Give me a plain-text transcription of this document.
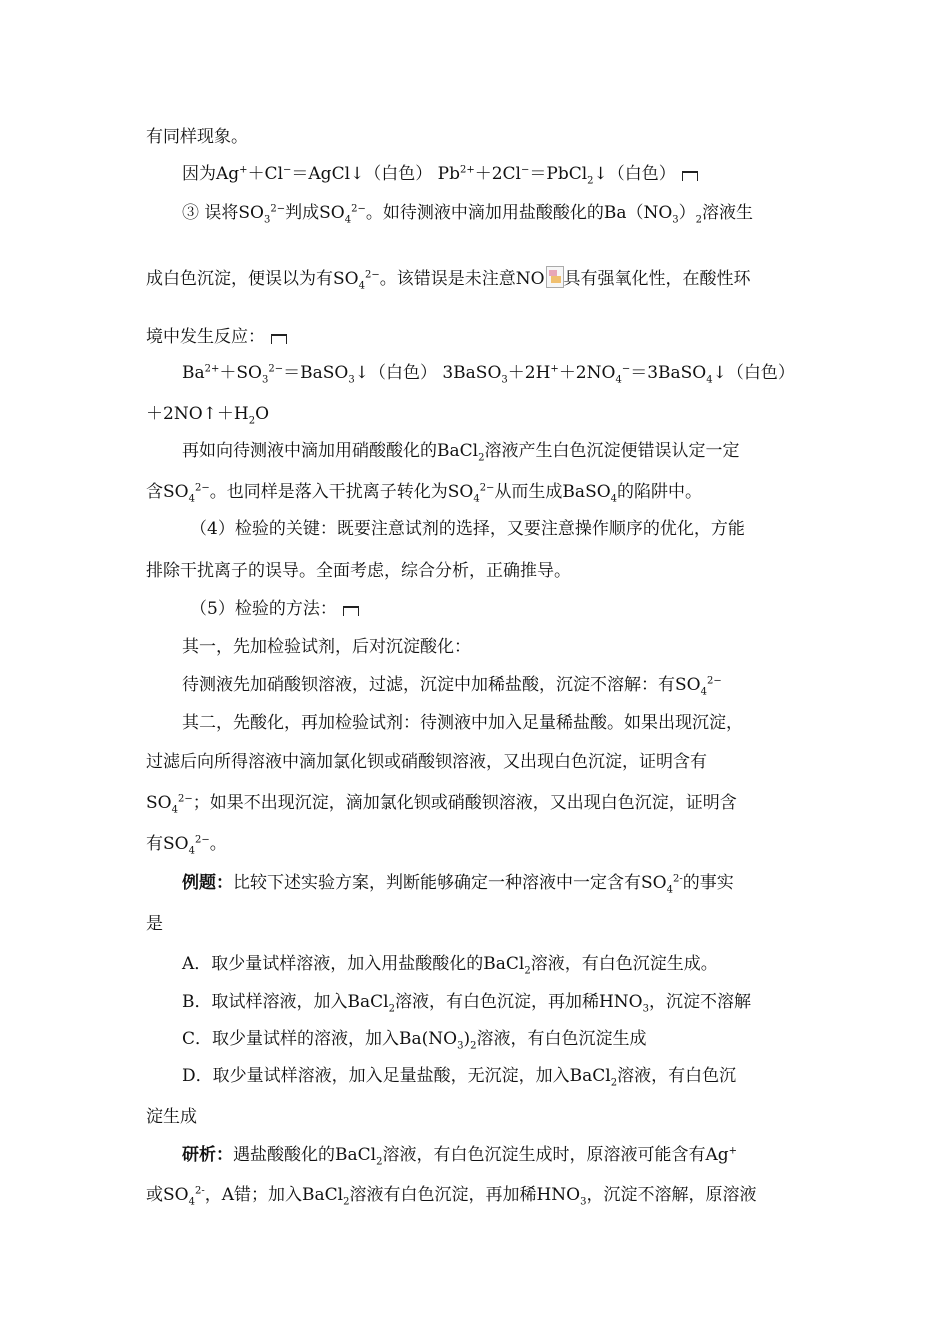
有同样现象。
因为Ag+＋Cl−＝AgCl↓（白色） $Pb^{2+}+2Cl^-=PbCl_2↓$（白色）
③ 误将$SO_3^{2-}$判成$SO_4^{2-}$。如待测液中滴加用盐酸酸化的$Ba(NO_3)_2$溶液生
成白色沉淀，便误以为有$SO_4^{2-}$。该错误是未注意NO 具有强氧化性，在酸性环
境中发生反应：
$Ba^{2+}+SO_3^{2-}=BaSO_3↓$（白色） $3BaSO_3+2H^++2NO_4^-=3BaSO_4↓$（白色）
$+2NO↑+H_2O$
再如向待测液中滴加用硝酸酸化的BaCl$_2$溶液产生白色沉淀便错误认定一定
含$SO_4^{2-}$。也同样是落入干扰离子转化为$SO_4^{2-}$从而生成BaSO$_4$的陷阱中。
（4）检验的关键：既要注意试剂的选择，又要注意操作顺序的优化，方能
排除干扰离子的误导。全面考虑，综合分析，正确推导。
（5）检验的方法：
其一，先加检验试剂，后对沉淀酸化：
待测液先加硝酸钡溶液，过滤，沉淀中加稀盐酸，沉淀不溶解：有$SO_4^{2-}$
其二，先酸化，再加检验试剂：待测液中加入足量稀盐酸。如果出现沉淀，
过滤后向所得溶液中滴加氯化钡或硝酸钡溶液，又出现白色沉淀，证明含有
$SO_4^{2-}$；如果不出现沉淀，滴加氯化钡或硝酸钡溶液，又出现白色沉淀，证明含
有$SO_4^{2-}$。
例题：比较下述实验方案，判断能够确定一种溶液中一定含有$SO_4^{2-}$的事实
是
A．取少量试样溶液，加入用盐酸酸化的BaCl$_2$溶液，有白色沉淀生成。
B．取试样溶液，加入BaCl$_2$溶液，有白色沉淀，再加稀$HNO_3$，沉淀不溶解
C．取少量试样的溶液，加入$Ba(NO_3)_2$溶液，有白色沉淀生成
D．取少量试样溶液，加入足量盐酸，无沉淀，加入BaCl$_2$溶液，有白色沉
淀生成
研析：遇盐酸酸化的BaCl$_2$溶液，有白色沉淀生成时，原溶液可能含有Ag+
或$SO_4^{2-}$，A错；加入BaCl$_2$溶液有白色沉淀，再加稀$HNO_3$，沉淀不溶解，原溶液
